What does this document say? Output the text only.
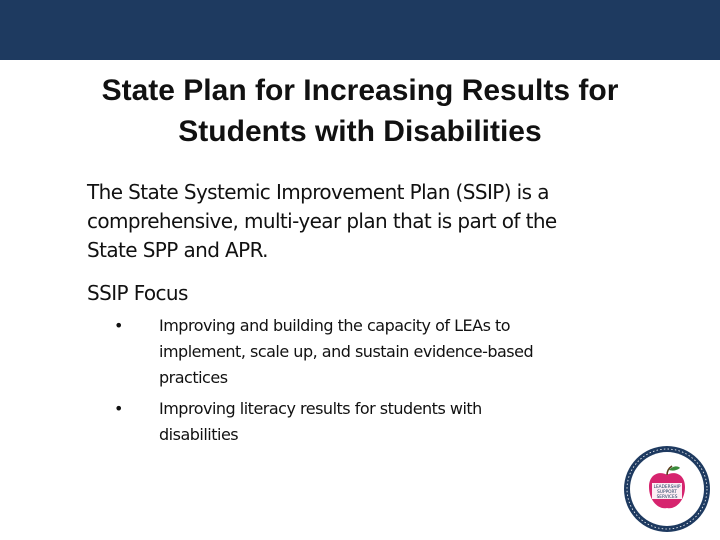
State Plan for Increasing Results for
Students with Disabilities
The State Systemic Improvement Plan (SSIP) is a
comprehensive, multi-year plan that is part of the
State SPP and APR.
SSIP Focus
• Improving and building the capacity of LEAs to
implement, scale up, and sustain evidence-based
practices
• Improving literacy results for students with
disabilities
LEADERSHIP
SUPPORT
SERVICES
